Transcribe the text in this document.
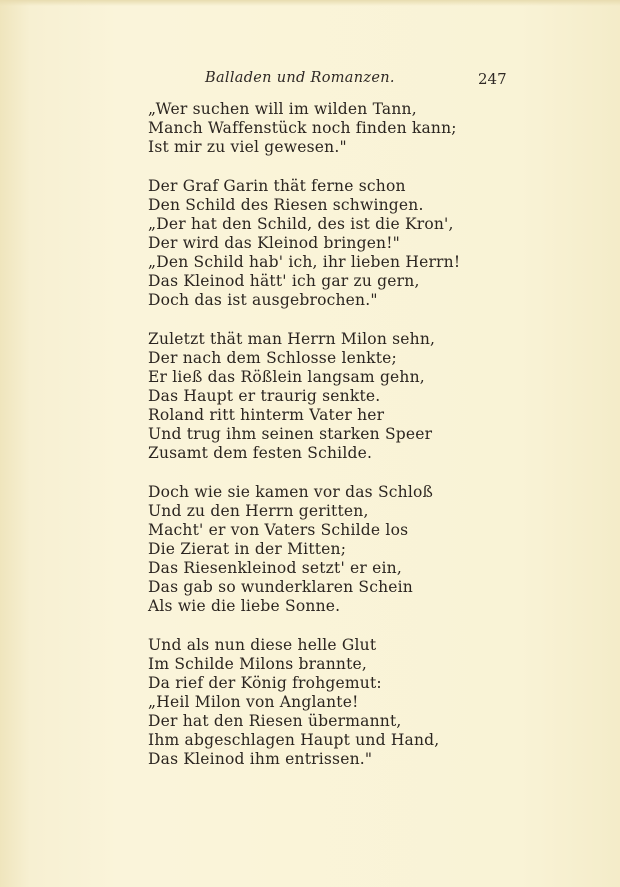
Balladen und Romanzen.	247
„Wer suchen will im wilden Tann,
Manch Waffenstück noch finden kann;
Ist mir zu viel gewesen."
Der Graf Garin thät ferne schon
Den Schild des Riesen schwingen.
„Der hat den Schild, des ist die Kron',
Der wird das Kleinod bringen!"
„Den Schild hab' ich, ihr lieben Herrn!
Das Kleinod hätt' ich gar zu gern,
Doch das ist ausgebrochen."
Zuletzt thät man Herrn Milon sehn,
Der nach dem Schlosse lenkte;
Er ließ das Rößlein langsam gehn,
Das Haupt er traurig senkte.
Roland ritt hinterm Vater her
Und trug ihm seinen starken Speer
Zusamt dem festen Schilde.
Doch wie sie kamen vor das Schloß
Und zu den Herrn geritten,
Macht' er von Vaters Schilde los
Die Zierat in der Mitten;
Das Riesenkleinod setzt' er ein,
Das gab so wunderklaren Schein
Als wie die liebe Sonne.
Und als nun diese helle Glut
Im Schilde Milons brannte,
Da rief der König frohgemut:
„Heil Milon von Anglante!
Der hat den Riesen übermannt,
Ihm abgeschlagen Haupt und Hand,
Das Kleinod ihm entrissen."
